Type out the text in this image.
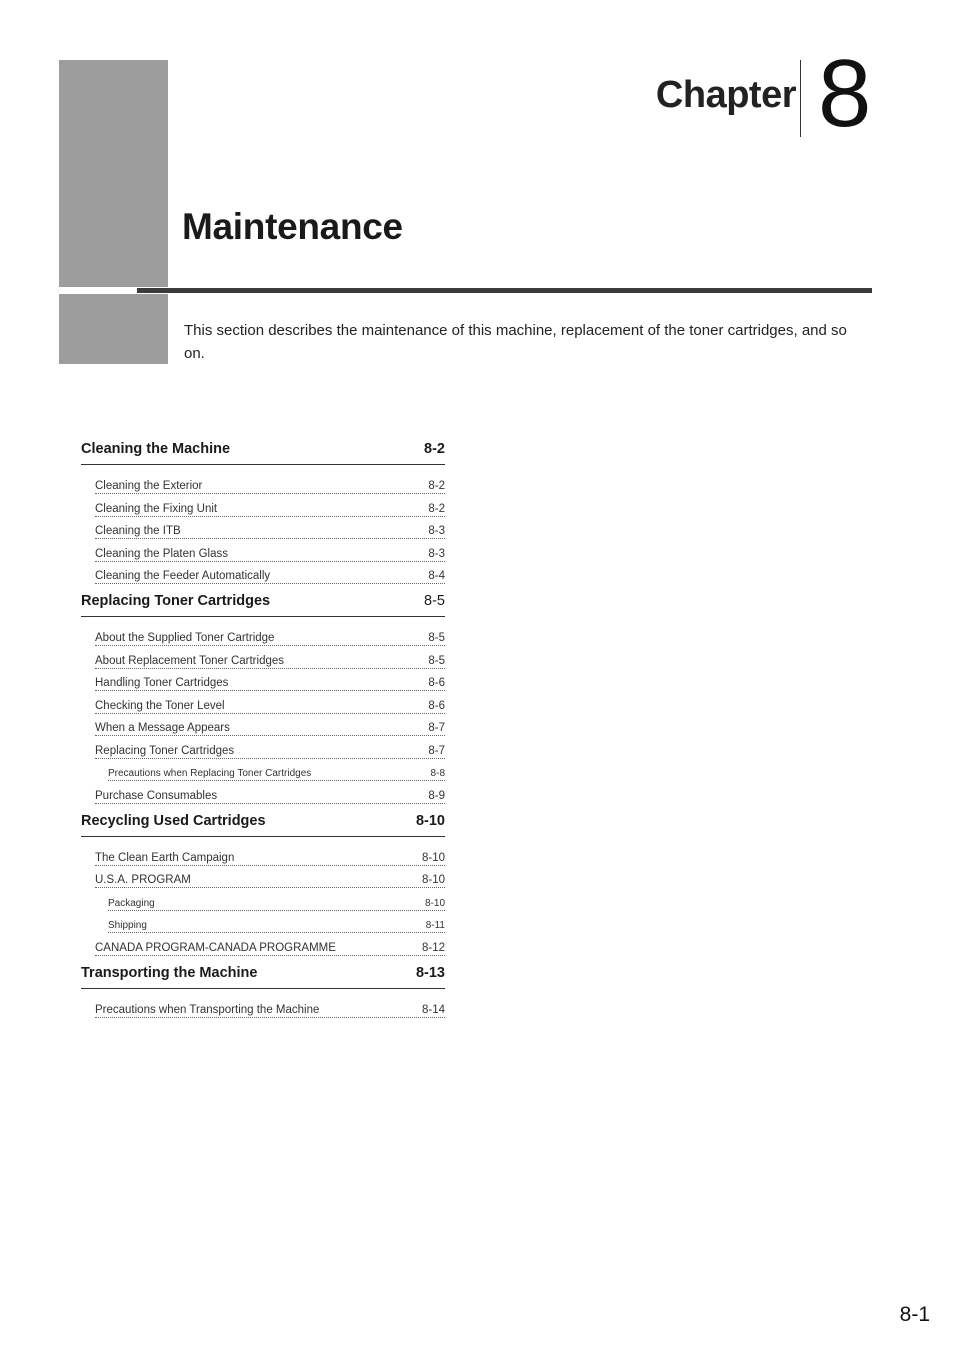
Chapter 8
Maintenance

This section describes the maintenance of this machine, replacement of the toner cartridges, and so on.

Cleaning the Machine	8-2
Cleaning the Exterior	8-2
Cleaning the Fixing Unit	8-2
Cleaning the ITB	8-3
Cleaning the Platen Glass	8-3
Cleaning the Feeder Automatically	8-4
Replacing Toner Cartridges	8-5
About the Supplied Toner Cartridge	8-5
About Replacement Toner Cartridges	8-5
Handling Toner Cartridges	8-6
Checking the Toner Level	8-6
When a Message Appears	8-7
Replacing Toner Cartridges	8-7
Precautions when Replacing Toner Cartridges	8-8
Purchase Consumables	8-9
Recycling Used Cartridges	8-10
The Clean Earth Campaign	8-10
U.S.A. PROGRAM	8-10
Packaging	8-10
Shipping	8-11
CANADA PROGRAM-CANADA PROGRAMME	8-12
Transporting the Machine	8-13
Precautions when Transporting the Machine	8-14
8-1
